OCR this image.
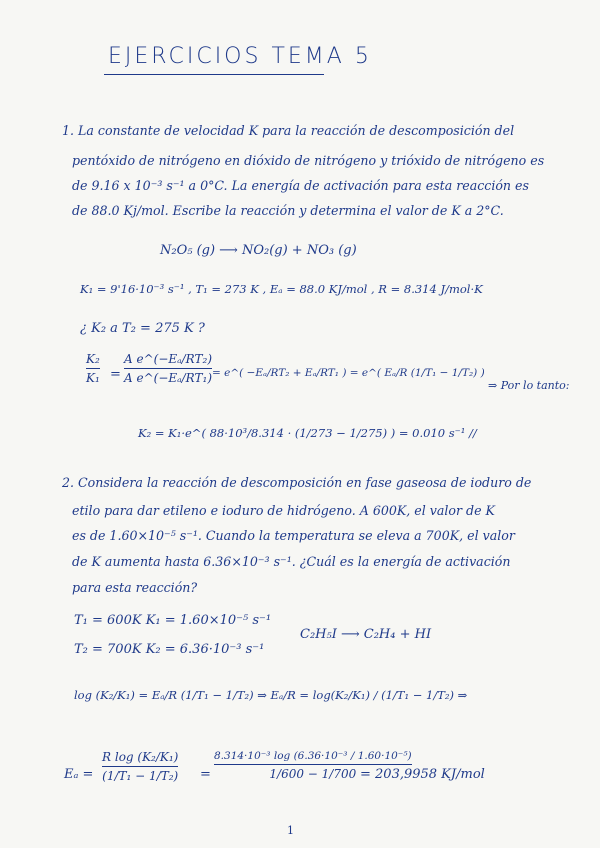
EJERCICIOS TEMA 5
1. La constante de velocidad K para la reacción de descomposición del
pentóxido de nitrógeno en dióxido de nitrógeno y trióxido de nitrógeno es
de 9.16 x 10⁻³ s⁻¹ a 0°C. La energía de activación para esta reacción es
de 88.0 Kj/mol. Escribe la reacción y determina el valor de K a 2°C.
N₂O₅ (g) ⟶ NO₂(g) + NO₃ (g)
K₁ = 9'16·10⁻³ s⁻¹ , T₁ = 273 K , Eₐ = 88.0 KJ/mol , R = 8.314 J/mol·K
¿ K₂ a T₂ = 275 K ?
K₂
K₁ =
A e^(−Eₐ/RT₂)
A e^(−Eₐ/RT₁) = e^( −Eₐ/RT₂ + Eₐ/RT₁ ) = e^( Eₐ/R (1/T₁ − 1/T₂) )
⇒ Por lo tanto:
K₂ = K₁·e^( 88·10³/8.314 · (1/273 − 1/275) ) = 0.010 s⁻¹ //
2. Considera la reacción de descomposición en fase gaseosa de ioduro de
etilo para dar etileno e ioduro de hidrógeno. A 600K, el valor de K
es de 1.60×10⁻⁵ s⁻¹. Cuando la temperatura se eleva a 700K, el valor
de K aumenta hasta 6.36×10⁻³ s⁻¹. ¿Cuál es la energía de activación
para esta reacción?
T₁ = 600K K₁ = 1.60×10⁻⁵ s⁻¹
T₂ = 700K K₂ = 6.36·10⁻³ s⁻¹
C₂H₅I ⟶ C₂H₄ + HI
log (K₂/K₁) = Eₐ/R (1/T₁ − 1/T₂) ⇒ Eₐ/R = log(K₂/K₁) / (1/T₁ − 1/T₂) ⇒
Eₐ =
R log (K₂/K₁)
(1/T₁ − 1/T₂) =
8.314·10⁻³ log (6.36·10⁻³ / 1.60·10⁻⁵)
1/600 − 1/700 = 203,9958 KJ/mol
1
